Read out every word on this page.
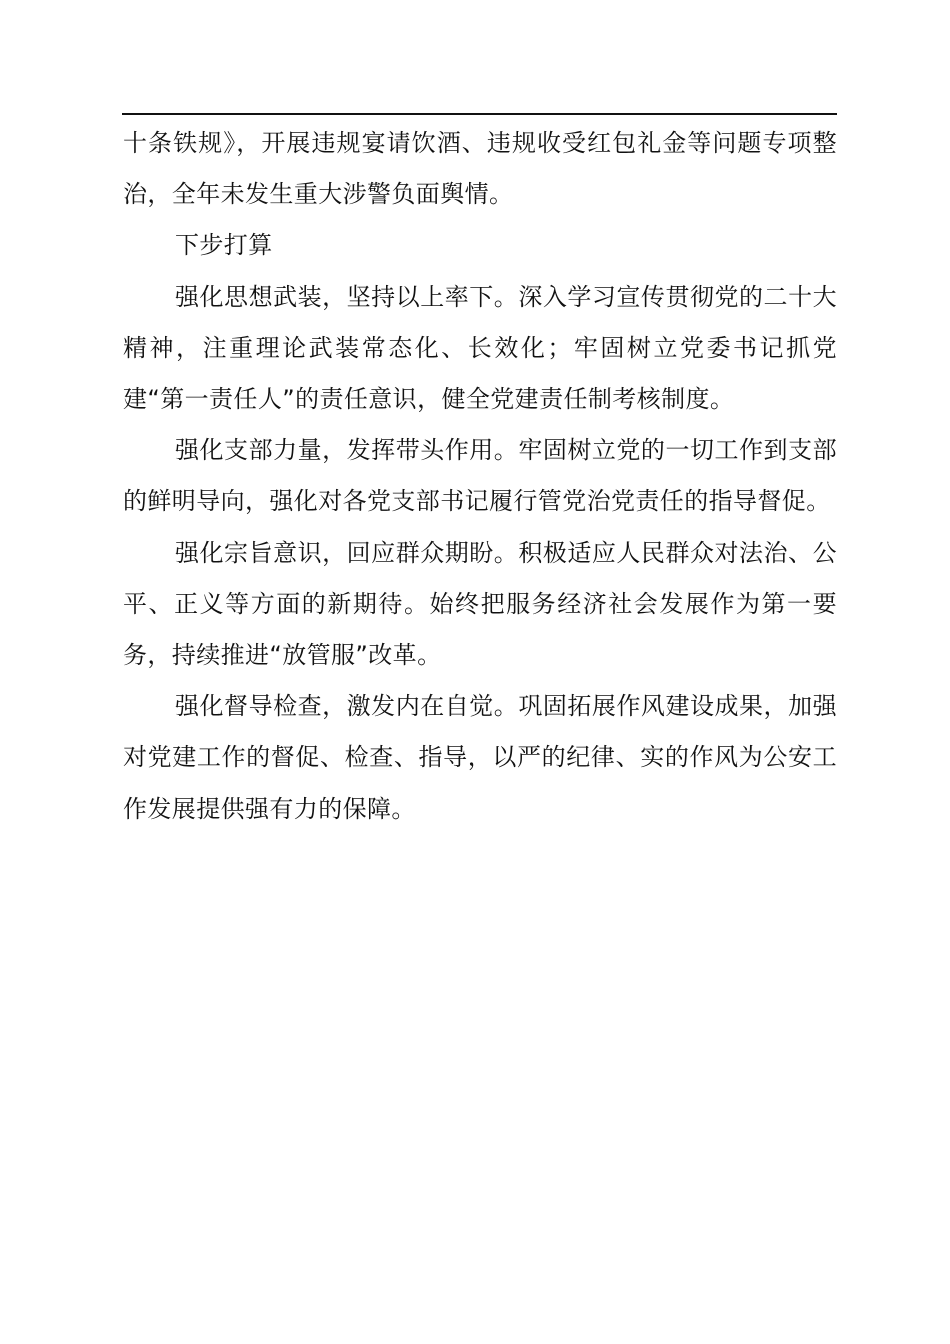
十条铁规》，开展违规宴请饮酒、违规收受红包礼金等问题专项整治，全年未发生重大涉警负面舆情。

下步打算

强化思想武装，坚持以上率下。深入学习宣传贯彻党的二十大精神，注重理论武装常态化、长效化；牢固树立党委书记抓党建“第一责任人”的责任意识，健全党建责任制考核制度。

强化支部力量，发挥带头作用。牢固树立党的一切工作到支部的鲜明导向，强化对各党支部书记履行管党治党责任的指导督促。

强化宗旨意识，回应群众期盼。积极适应人民群众对法治、公平、正义等方面的新期待。始终把服务经济社会发展作为第一要务，持续推进“放管服”改革。

强化督导检查，激发内在自觉。巩固拓展作风建设成果，加强对党建工作的督促、检查、指导，以严的纪律、实的作风为公安工作发展提供强有力的保障。
